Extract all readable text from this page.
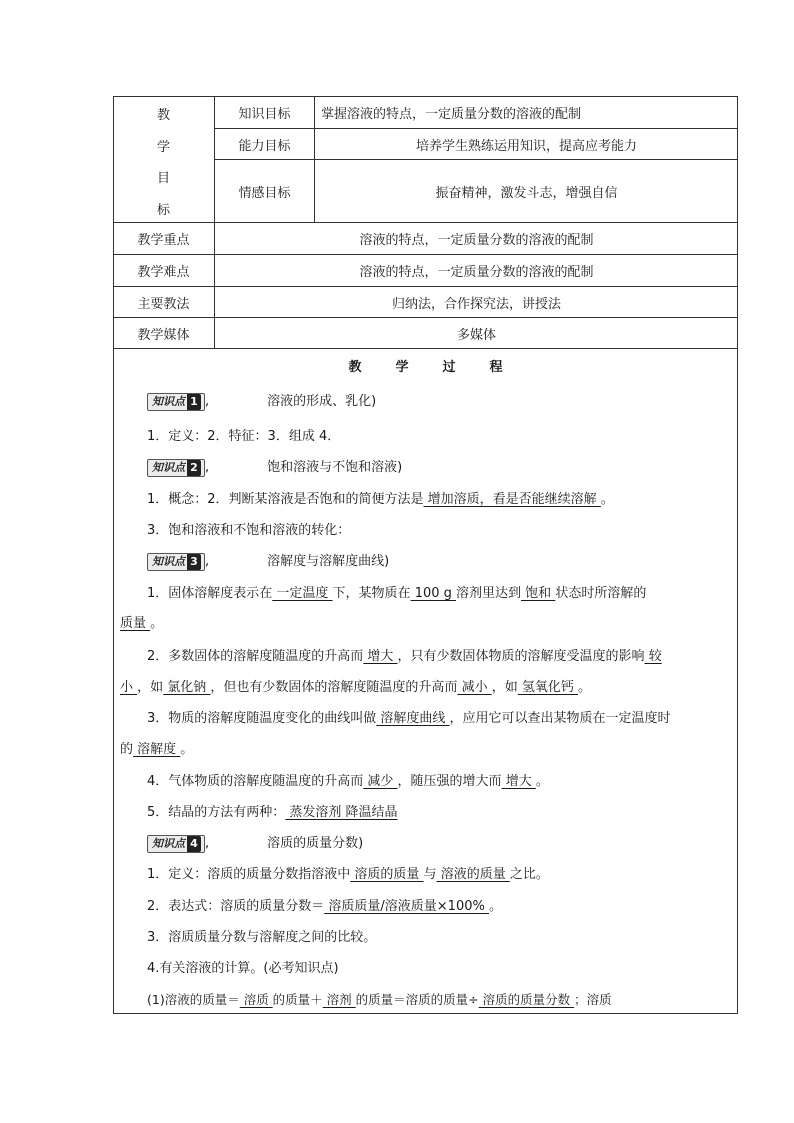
教
学
目
标
知识目标	掌握溶液的特点，一定质量分数的溶液的配制
能力目标	培养学生熟练运用知识，提高应考能力
情感目标	振奋精神，激发斗志，增强自信
教学重点	溶液的特点，一定质量分数的溶液的配制
教学难点	溶液的特点，一定质量分数的溶液的配制
主要教法	归纳法，合作探究法，讲授法
教学媒体	多媒体
教	学	过	程
知识点 1 ,	溶液的形成、乳化)
1．定义：2．特征：3．组成 4．
知识点 2 ,	饱和溶液与不饱和溶液)
1．概念：2．判断某溶液是否饱和的简便方法是 增加溶质，看是否能继续溶解 。
3．饱和溶液和不饱和溶液的转化：
知识点 3 ,	溶解度与溶解度曲线)
1．固体溶解度表示在 一定温度 下，某物质在 100 g 溶剂里达到 饱和 状态时所溶解的
质量 。
2．多数固体的溶解度随温度的升高而 增大 ，只有少数固体物质的溶解度受温度的影响 较
小 ，如 氯化钠 ，但也有少数固体的溶解度随温度的升高而 减小 ，如 氢氧化钙 。
3．物质的溶解度随温度变化的曲线叫做 溶解度曲线 ，应用它可以查出某物质在一定温度时
的 溶解度 。
4．气体物质的溶解度随温度的升高而 减少 ，随压强的增大而 增大 。
5．结晶的方法有两种： 蒸发溶剂 降温结晶
知识点 4 ,	溶质的质量分数)
1．定义：溶质的质量分数指溶液中 溶质的质量 与 溶液的质量 之比。
2．表达式：溶质的质量分数＝ 溶质质量/溶液质量×100% 。
3．溶质质量分数与溶解度之间的比较。
4.有关溶液的计算。(必考知识点)
(1)溶液的质量＝ 溶质 的质量＋ 溶剂 的质量＝溶质的质量÷ 溶质的质量分数 ；溶质
